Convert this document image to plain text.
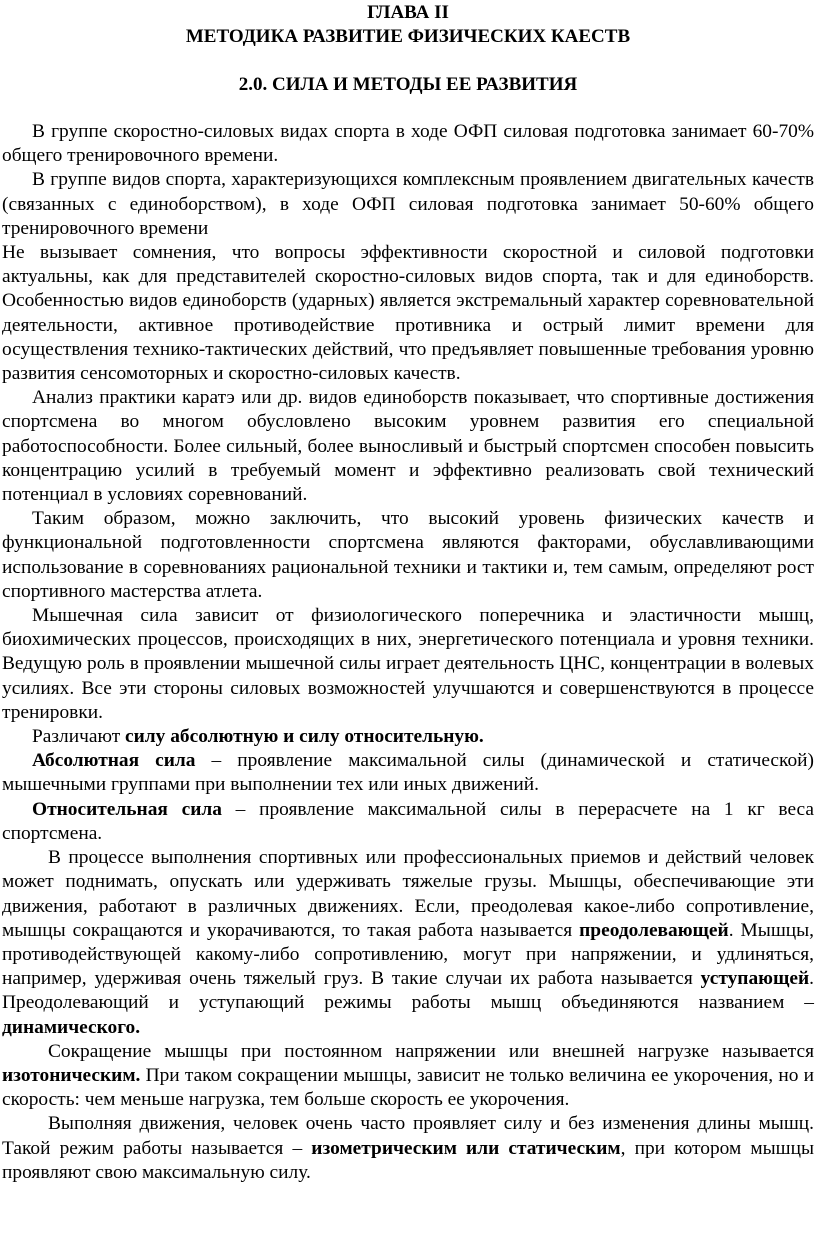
ГЛАВА II

МЕТОДИКА РАЗВИТИЕ ФИЗИЧЕСКИХ КАЕСТВ

2.0. СИЛА И МЕТОДЫ ЕЕ РАЗВИТИЯ

В группе скоростно-силовых видах спорта в ходе ОФП силовая подготовка занимает 60-70% общего тренировочного времени.

В группе видов спорта, характеризующихся комплексным проявлением двигательных качеств (связанных с единоборством), в ходе ОФП силовая подготовка занимает 50-60% общего тренировочного времени

Не вызывает сомнения, что вопросы эффективности скоростной и силовой подготовки актуальны, как для представителей скоростно-силовых видов спорта, так и для единоборств. Особенностью видов единоборств (ударных) является экстремальный характер соревновательной деятельности, активное противодействие противника и острый лимит времени для осуществления технико-тактических действий, что предъявляет повышенные требования уровню развития сенсомоторных и скоростно-силовых качеств.

Анализ практики каратэ или др. видов единоборств показывает, что спортивные достижения спортсмена во многом обусловлено высоким уровнем развития его специальной работоспособности. Более сильный, более выносливый и быстрый спортсмен способен повысить концентрацию усилий в требуемый момент и эффективно реализовать свой технический потенциал в условиях соревнований.

Таким образом, можно заключить, что высокий уровень физических качеств и функциональной подготовленности спортсмена являются факторами, обуславливающими использование в соревнованиях рациональной техники и тактики и, тем самым, определяют рост спортивного мастерства атлета.

Мышечная сила зависит от физиологического поперечника и эластичности мышц, биохимических процессов, происходящих в них, энергетического потенциала и уровня техники. Ведущую роль в проявлении мышечной силы играет деятельность ЦНС, концентрации в волевых усилиях. Все эти стороны силовых возможностей улучшаются и совершенствуются в процессе тренировки.

Различают силу абсолютную и силу относительную.

Абсолютная сила – проявление максимальной силы (динамической и статической) мышечными группами при выполнении тех или иных движений.

Относительная сила – проявление максимальной силы в перерасчете на 1 кг веса спортсмена.

В процессе выполнения спортивных или профессиональных приемов и действий человек может поднимать, опускать или удерживать тяжелые грузы. Мышцы, обеспечивающие эти движения, работают в различных движениях. Если, преодолевая какое-либо сопротивление, мышцы сокращаются и укорачиваются, то такая работа называется преодолевающей. Мышцы, противодействующей какому-либо сопротивлению, могут при напряжении, и удлиняться, например, удерживая очень тяжелый груз. В такие случаи их работа называется уступающей. Преодолевающий и уступающий режимы работы мышц объединяются названием – динамического.

Сокращение мышцы при постоянном напряжении или внешней нагрузке называется изотоническим. При таком сокращении мышцы, зависит не только величина ее укорочения, но и скорость: чем меньше нагрузка, тем больше скорость ее укорочения.

Выполняя движения, человек очень часто проявляет силу и без изменения длины мышц. Такой режим работы называется – изометрическим или статическим, при котором мышцы проявляют свою максимальную силу.
